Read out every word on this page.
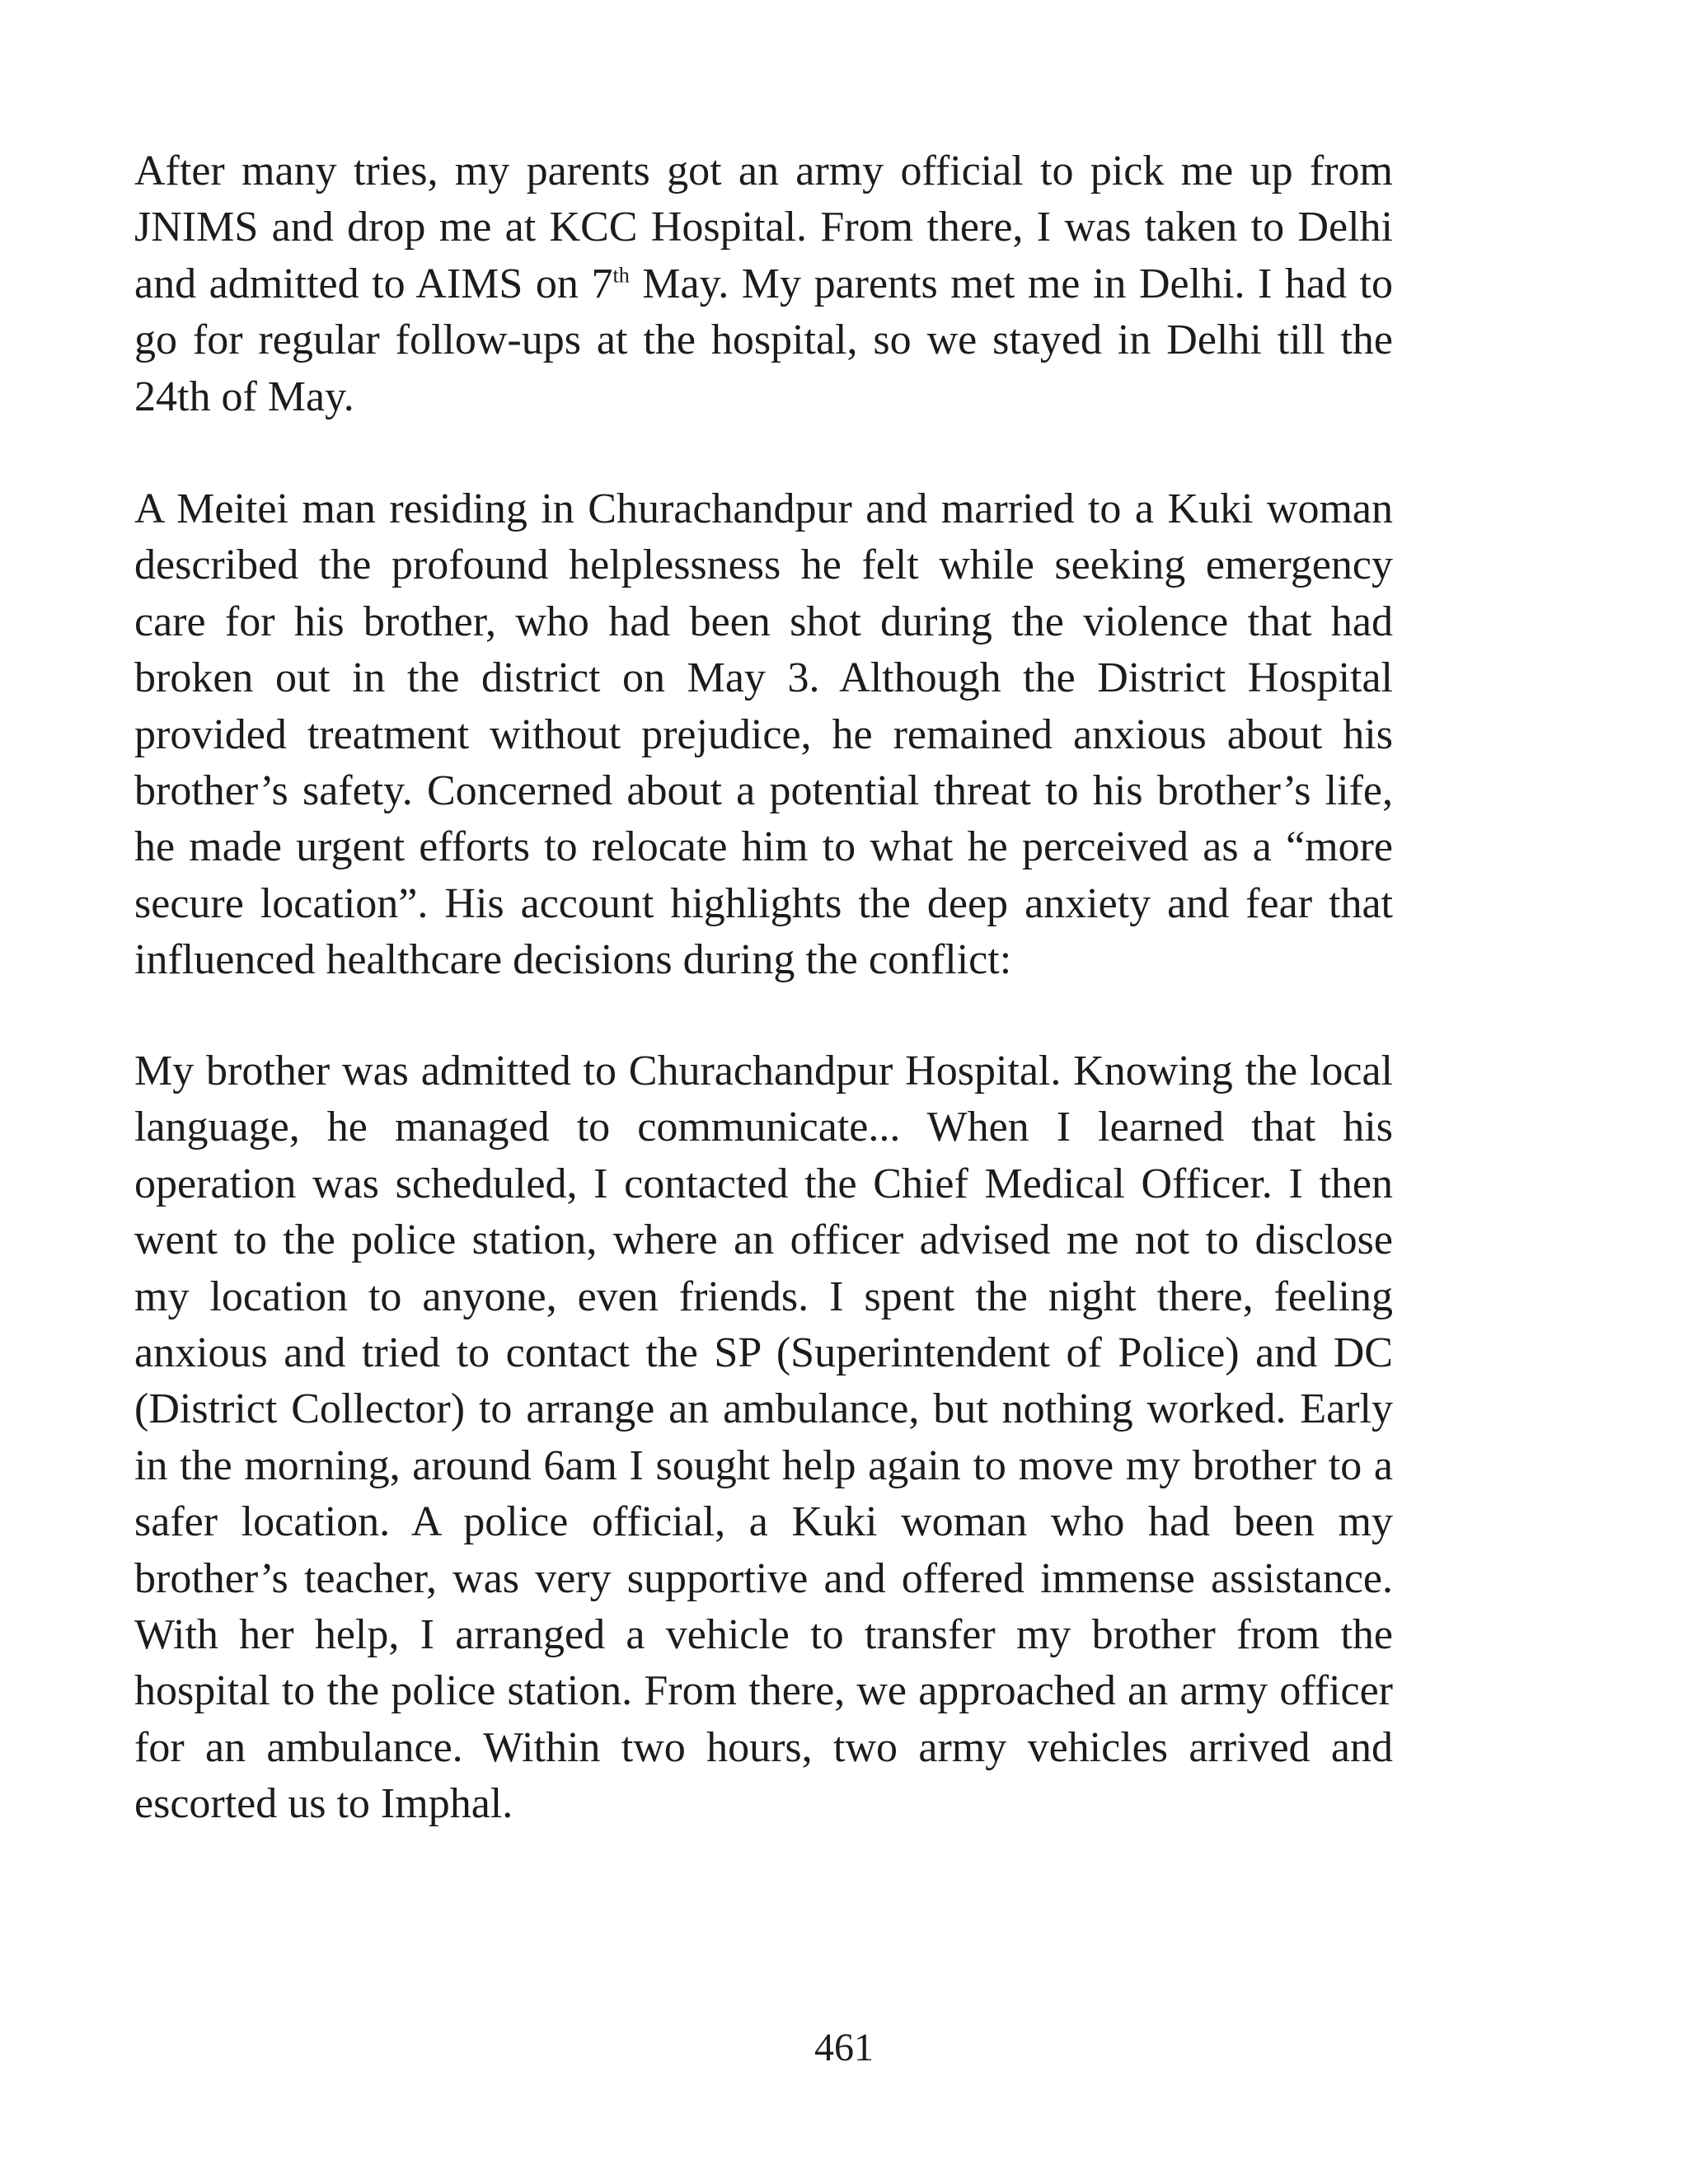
After many tries, my parents got an army official to pick me up from JNIMS and drop me at KCC Hospital. From there, I was taken to Delhi and admitted to AIMS on 7th May. My parents met me in Delhi. I had to go for regular follow-ups at the hospital, so we stayed in Delhi till the 24th of May.

A Meitei man residing in Churachandpur and married to a Kuki woman described the profound helplessness he felt while seeking emergency care for his brother, who had been shot during the violence that had broken out in the district on May 3. Although the District Hospital provided treatment without prejudice, he remained anxious about his brother’s safety. Concerned about a potential threat to his brother’s life, he made urgent efforts to relocate him to what he perceived as a “more secure location”. His account highlights the deep anxiety and fear that influenced healthcare decisions during the conflict:

My brother was admitted to Churachandpur Hospital. Knowing the local language, he managed to communicate... When I learned that his operation was scheduled, I contacted the Chief Medical Officer. I then went to the police station, where an officer advised me not to disclose my location to anyone, even friends. I spent the night there, feeling anxious and tried to contact the SP (Superintendent of Police) and DC (District Collector) to arrange an ambulance, but nothing worked. Early in the morning, around 6am I sought help again to move my brother to a safer location. A police official, a Kuki woman who had been my brother’s teacher, was very supportive and offered immense assistance. With her help, I arranged a vehicle to transfer my brother from the hospital to the police station. From there, we approached an army officer for an ambulance. Within two hours, two army vehicles arrived and escorted us to Imphal.

461
